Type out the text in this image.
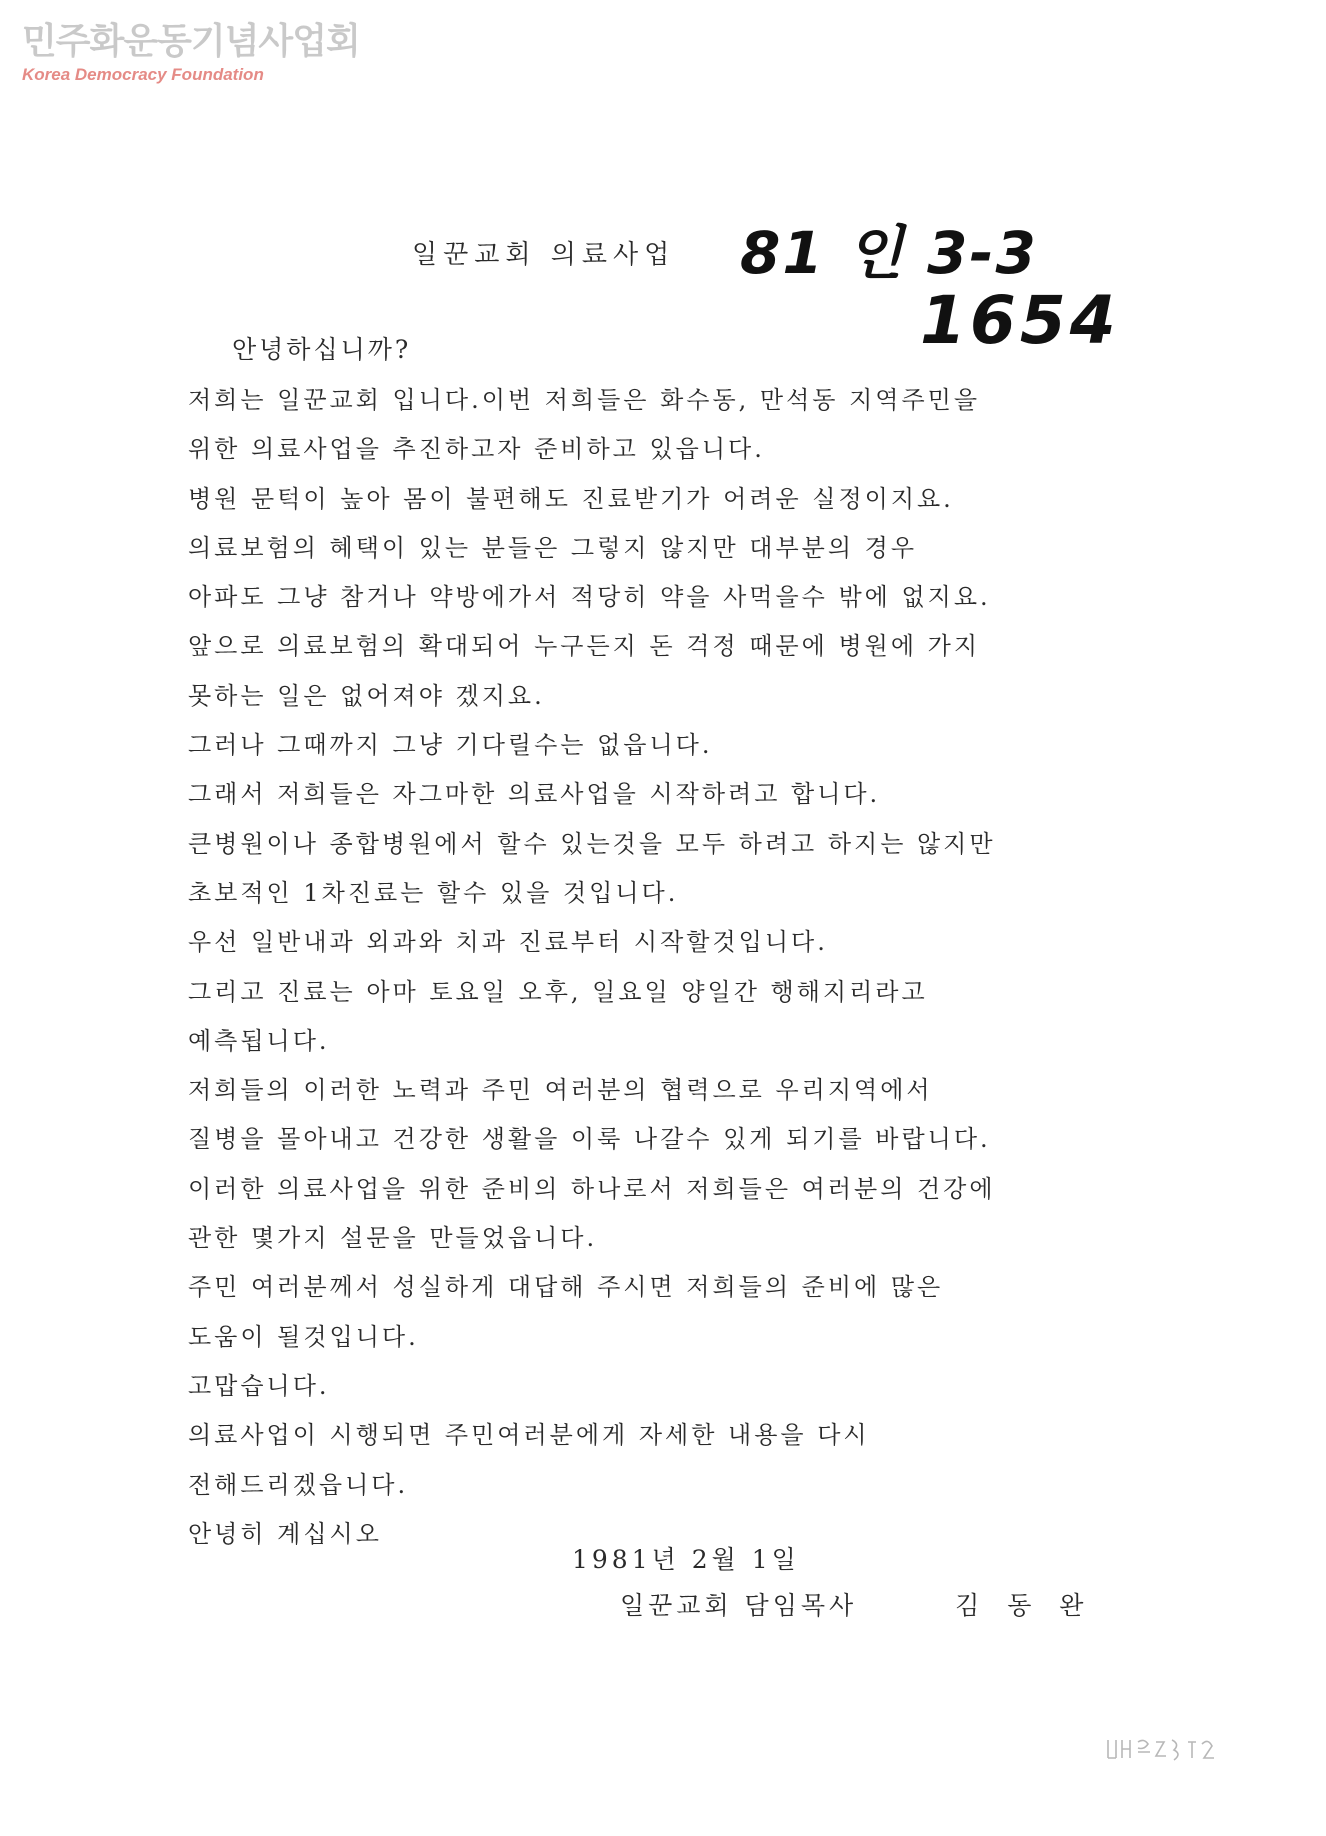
민주화운동기념사업회
Korea Democracy Foundation
일꾼교회 의료사업 81 인 3-3
1654
안녕하십니까?
저희는 일꾼교회 입니다.이번 저희들은 화수동, 만석동 지역주민을
위한 의료사업을 추진하고자 준비하고 있읍니다.
병원 문턱이 높아 몸이 불편해도 진료받기가 어려운 실정이지요.
의료보험의 혜택이 있는 분들은 그렇지 않지만 대부분의 경우
아파도 그냥 참거나 약방에가서 적당히 약을 사먹을수 밖에 없지요.
앞으로 의료보험의 확대되어 누구든지 돈 걱정 때문에 병원에 가지
못하는 일은 없어져야 겠지요.
그러나 그때까지 그냥 기다릴수는 없읍니다.
그래서 저희들은 자그마한 의료사업을 시작하려고 합니다.
큰병원이나 종합병원에서 할수 있는것을 모두 하려고 하지는 않지만
초보적인 1차진료는 할수 있을 것입니다.
우선 일반내과 외과와 치과 진료부터 시작할것입니다.
그리고 진료는 아마 토요일 오후, 일요일 양일간 행해지리라고
예측됩니다.
저희들의 이러한 노력과 주민 여러분의 협력으로 우리지역에서
질병을 몰아내고 건강한 생활을 이룩 나갈수 있게 되기를 바랍니다.
이러한 의료사업을 위한 준비의 하나로서 저희들은 여러분의 건강에
관한 몇가지 설문을 만들었읍니다.
주민 여러분께서 성실하게 대답해 주시면 저희들의 준비에 많은
도움이 될것입니다.
고맙습니다.
의료사업이 시행되면 주민여러분에게 자세한 내용을 다시
전해드리겠읍니다.
안녕히 계십시오
1981년 2월 1일
일꾼교회 담임목사	김 동 완
